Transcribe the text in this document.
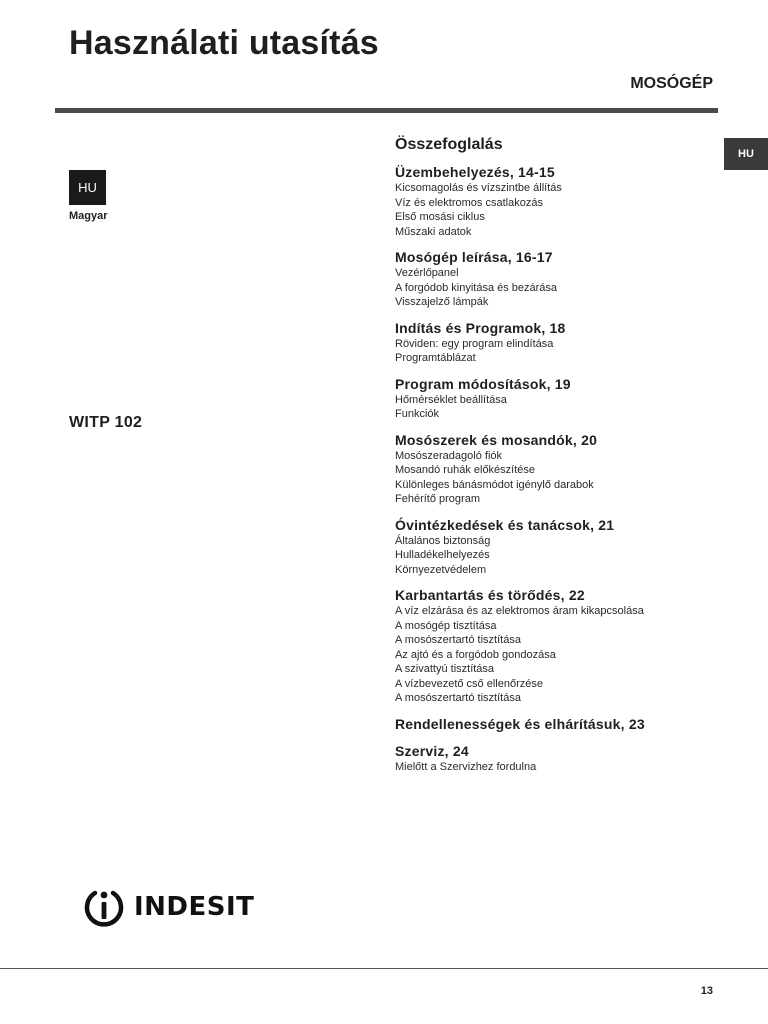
Használati utasítás
MOSÓGÉP
HU
HU
Magyar
WITP 102
Összefoglalás
Üzembehelyezés, 14-15
Kicsomagolás és vízszintbe állítás
Víz és elektromos csatlakozás
Első mosási ciklus
Műszaki adatok
Mosógép leírása, 16-17
Vezérlőpanel
A forgódob kinyitása és bezárása
Visszajelző lámpák
Indítás és Programok, 18
Röviden: egy program elindítása
Programtáblázat
Program módosítások, 19
Hőmérséklet beállítása
Funkciók
Mosószerek és mosandók, 20
Mosószeradagoló fiók
Mosandó ruhák előkészítése
Különleges bánásmódot igénylő darabok
Fehérítő program
Óvintézkedések és tanácsok, 21
Általános biztonság
Hulladékelhelyezés
Környezetvédelem
Karbantartás és törődés, 22
A víz elzárása és az elektromos áram kikapcsolása
A mosógép tisztítása
A mosószertartó tisztítása
Az ajtó és a forgódob gondozása
A szivattyú tisztítása
A vízbevezető cső ellenőrzése
A mosószertartó tisztítása
Rendellenességek és elhárításuk, 23
Szerviz, 24
Mielőtt a Szervizhez fordulna
INDESIT
13
